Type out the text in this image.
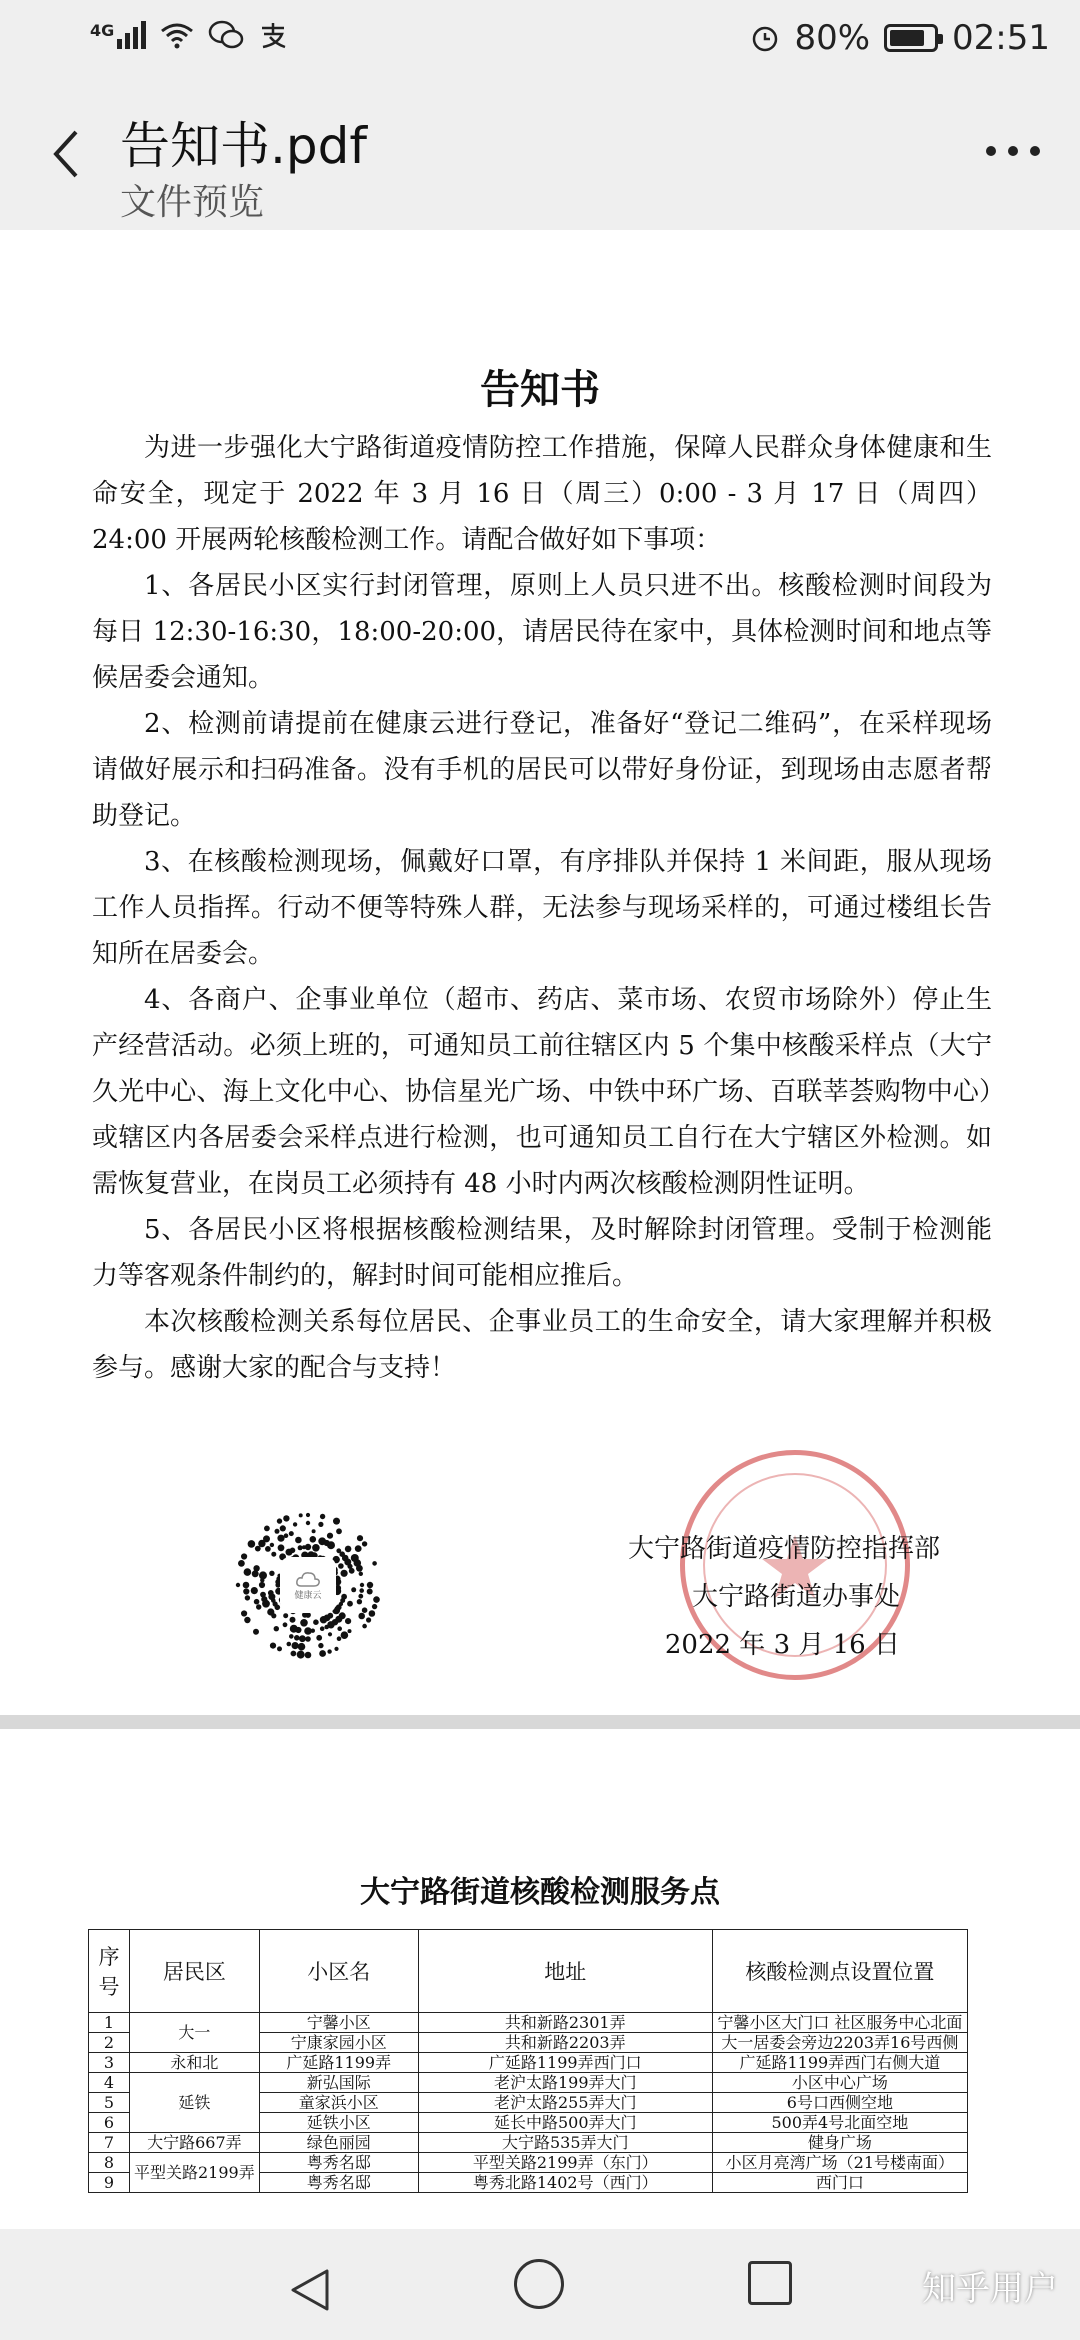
4G	80% 02:51
告知书.pdf
文件预览
告知书

为进一步强化大宁路街道疫情防控工作措施，保障人民群众身体健康和生命安全，现定于 2022 年 3 月 16 日（周三）0:00 - 3 月 17 日（周四）24:00 开展两轮核酸检测工作。请配合做好如下事项：

1、各居民小区实行封闭管理，原则上人员只进不出。核酸检测时间段为每日 12:30-16:30，18:00-20:00，请居民待在家中，具体检测时间和地点等候居委会通知。

2、检测前请提前在健康云进行登记，准备好“登记二维码”，在采样现场请做好展示和扫码准备。没有手机的居民可以带好身份证，到现场由志愿者帮助登记。

3、在核酸检测现场，佩戴好口罩，有序排队并保持 1 米间距，服从现场工作人员指挥。行动不便等特殊人群，无法参与现场采样的，可通过楼组长告知所在居委会。

4、各商户、企事业单位（超市、药店、菜市场、农贸市场除外）停止生产经营活动。必须上班的，可通知员工前往辖区内 5 个集中核酸采样点（大宁久光中心、海上文化中心、协信星光广场、中铁中环广场、百联莘荟购物中心）或辖区内各居委会采样点进行检测，也可通知员工自行在大宁辖区外检测。如需恢复营业，在岗员工必须持有 48 小时内两次核酸检测阴性证明。

5、各居民小区将根据核酸检测结果，及时解除封闭管理。受制于检测能力等客观条件制约的，解封时间可能相应推后。

本次核酸检测关系每位居民、企事业员工的生命安全，请大家理解并积极参与。感谢大家的配合与支持！

健康云
大宁路街道疫情防控指挥部
大宁路街道办事处
2022 年 3 月 16 日
大宁路街道核酸检测服务点
序号	居民区	小区名	地址	核酸检测点设置位置
1	大一	宁馨小区	共和新路2301弄	宁馨小区大门口 社区服务中心北面
2		宁康家园小区	共和新路2203弄	大一居委会旁边2203弄16号西侧
3	永和北	广延路1199弄	广延路1199弄西门口	广延路1199弄西门右侧大道
4	延铁	新弘国际	老沪太路199弄大门	小区中心广场
5		童家浜小区	老沪太路255弄大门	6号口西侧空地
6		延铁小区	延长中路500弄大门	500弄4号北面空地
7	大宁路667弄	绿色丽园	大宁路535弄大门	健身广场
8	平型关路2199弄	粤秀名邸	平型关路2199弄（东门）	小区月亮湾广场（21号楼南面）
9		粤秀名邸	粤秀北路1402号（西门）	西门口
知乎用户
